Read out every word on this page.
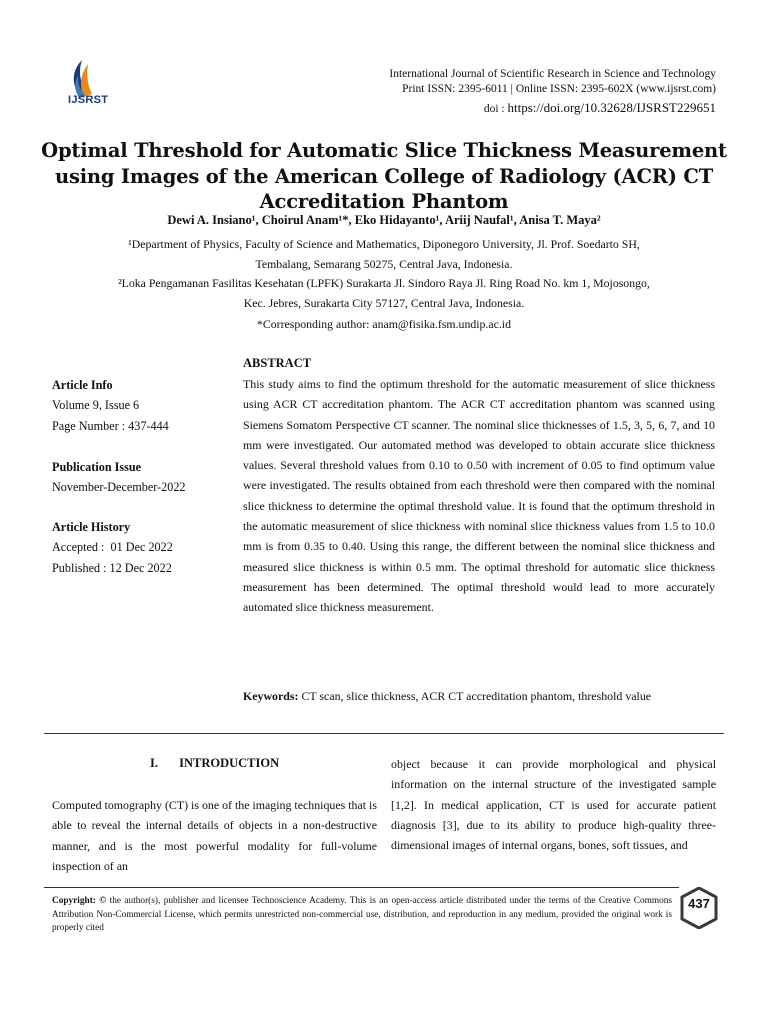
IJSRST
International Journal of Scientific Research in Science and Technology
Print ISSN: 2395-6011 | Online ISSN: 2395-602X (www.ijsrst.com)
doi : https://doi.org/10.32628/IJSRST229651
Optimal Threshold for Automatic Slice Thickness Measurement using Images of the American College of Radiology (ACR) CT Accreditation Phantom
Dewi A. Insiano¹, Choirul Anam¹*, Eko Hidayanto¹, Ariij Naufal¹, Anisa T. Maya²
¹Department of Physics, Faculty of Science and Mathematics, Diponegoro University, Jl. Prof. Soedarto SH,
Tembalang, Semarang 50275, Central Java, Indonesia.
²Loka Pengamanan Fasilitas Kesehatan (LPFK) Surakarta Jl. Sindoro Raya Jl. Ring Road No. km 1, Mojosongo,
Kec. Jebres, Surakarta City 57127, Central Java, Indonesia.
*Corresponding author: anam@fisika.fsm.undip.ac.id
Article Info
Volume 9, Issue 6
Page Number : 437-444
Publication Issue
November-December-2022
Article History
Accepted :  01 Dec 2022
Published : 12 Dec 2022
ABSTRACT
This study aims to find the optimum threshold for the automatic measurement of slice thickness using ACR CT accreditation phantom. The ACR CT accreditation phantom was scanned using Siemens Somatom Perspective CT scanner. The nominal slice thicknesses of 1.5, 3, 5, 6, 7, and 10 mm were investigated. Our automated method was developed to obtain accurate slice thickness values. Several threshold values from 0.10 to 0.50 with increment of 0.05 to find optimum value were investigated. The results obtained from each threshold were then compared with the nominal slice thickness to determine the optimal threshold value. It is found that the optimum threshold in the automatic measurement of slice thickness with nominal slice thickness values from 1.5 to 10.0 mm is from 0.35 to 0.40. Using this range, the different between the nominal slice thickness and measured slice thickness is within 0.5 mm. The optimal threshold for automatic slice thickness measurement has been determined. The optimal threshold would lead to more accurately automated slice thickness measurement.
Keywords: CT scan, slice thickness, ACR CT accreditation phantom, threshold value
I. INTRODUCTION
Computed tomography (CT) is one of the imaging techniques that is able to reveal the internal details of objects in a non-destructive manner, and is the most powerful modality for full-volume inspection of an
object because it can provide morphological and physical information on the internal structure of the investigated sample [1,2]. In medical application, CT is used for accurate patient diagnosis [3], due to its ability to produce high-quality three-dimensional images of internal organs, bones, soft tissues, and
Copyright: © the author(s), publisher and licensee Technoscience Academy. This is an open-access article distributed under the terms of the Creative Commons Attribution Non-Commercial License, which permits unrestricted non-commercial use, distribution, and reproduction in any medium, provided the original work is properly cited
437
